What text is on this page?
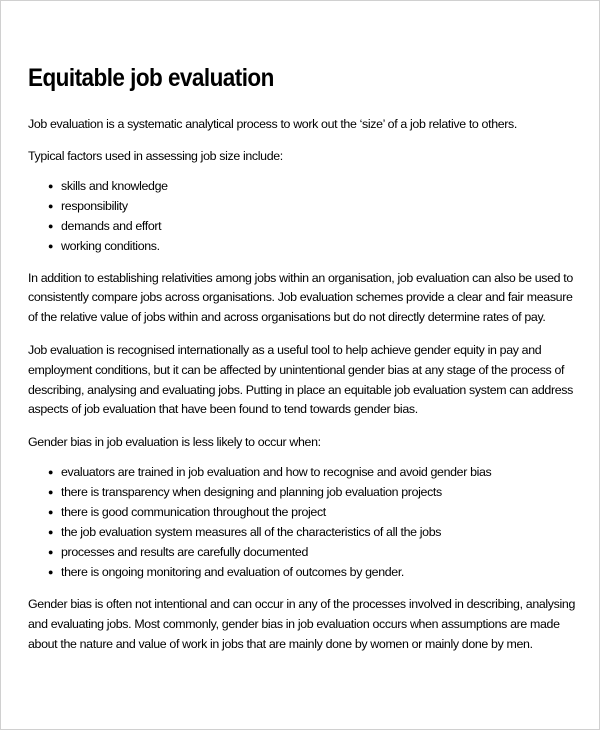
Equitable job evaluation

Job evaluation is a systematic analytical process to work out the ‘size’ of a job relative to others.

Typical factors used in assessing job size include:

● skills and knowledge
● responsibility
● demands and effort
● working conditions.

In addition to establishing relativities among jobs within an organisation, job evaluation can also be used to consistently compare jobs across organisations. Job evaluation schemes provide a clear and fair measure of the relative value of jobs within and across organisations but do not directly determine rates of pay.

Job evaluation is recognised internationally as a useful tool to help achieve gender equity in pay and employment conditions, but it can be affected by unintentional gender bias at any stage of the process of describing, analysing and evaluating jobs. Putting in place an equitable job evaluation system can address aspects of job evaluation that have been found to tend towards gender bias.

Gender bias in job evaluation is less likely to occur when:

● evaluators are trained in job evaluation and how to recognise and avoid gender bias
● there is transparency when designing and planning job evaluation projects
● there is good communication throughout the project
● the job evaluation system measures all of the characteristics of all the jobs
● processes and results are carefully documented
● there is ongoing monitoring and evaluation of outcomes by gender.

Gender bias is often not intentional and can occur in any of the processes involved in describing, analysing and evaluating jobs. Most commonly, gender bias in job evaluation occurs when assumptions are made about the nature and value of work in jobs that are mainly done by women or mainly done by men.
